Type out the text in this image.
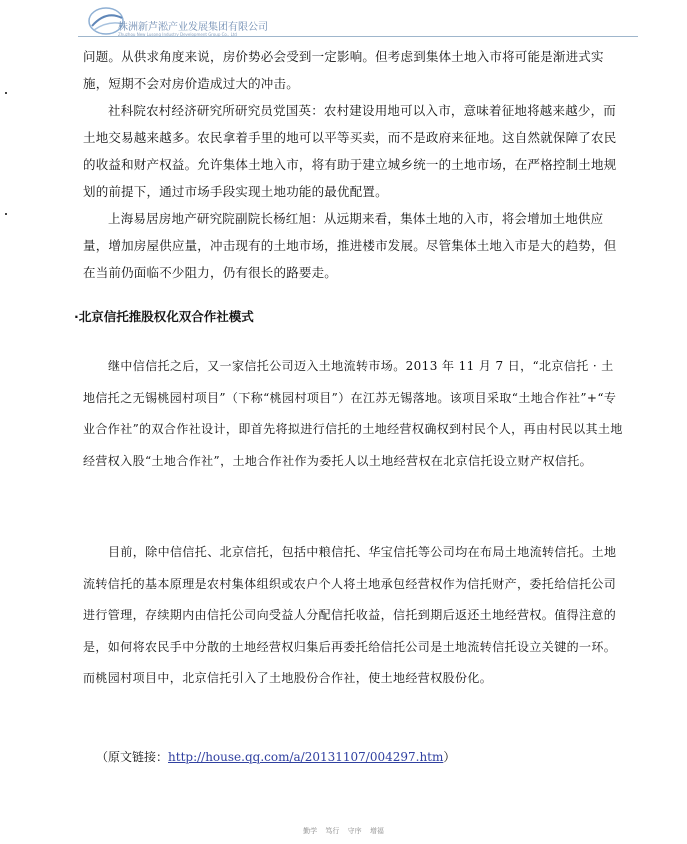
株洲新芦淞产业发展集团有限公司
Zhuzhou New Lusong Industry Development Group Co., Ltd

问题。从供求角度来说，房价势必会受到一定影响。但考虑到集体土地入市将可能是渐进式实施，短期不会对房价造成过大的冲击。

社科院农村经济研究所研究员党国英：农村建设用地可以入市，意味着征地将越来越少，而土地交易越来越多。农民拿着手里的地可以平等买卖，而不是政府来征地。这自然就保障了农民的收益和财产权益。允许集体土地入市，将有助于建立城乡统一的土地市场，在严格控制土地规划的前提下，通过市场手段实现土地功能的最优配置。

上海易居房地产研究院副院长杨红旭：从远期来看，集体土地的入市，将会增加土地供应量，增加房屋供应量，冲击现有的土地市场，推进楼市发展。尽管集体土地入市是大的趋势，但在当前仍面临不少阻力，仍有很长的路要走。

·北京信托推股权化双合作社模式

继中信信托之后，又一家信托公司迈入土地流转市场。2013 年 11 月 7 日，“北京信托 · 土地信托之无锡桃园村项目”（下称“桃园村项目”）在江苏无锡落地。该项目采取“土地合作社”+“专业合作社”的双合作社设计，即首先将拟进行信托的土地经营权确权到村民个人，再由村民以其土地经营权入股“土地合作社”，土地合作社作为委托人以土地经营权在北京信托设立财产权信托。

目前，除中信信托、北京信托，包括中粮信托、华宝信托等公司均在布局土地流转信托。土地流转信托的基本原理是农村集体组织或农户个人将土地承包经营权作为信托财产，委托给信托公司进行管理，存续期内由信托公司向受益人分配信托收益，信托到期后返还土地经营权。值得注意的是，如何将农民手中分散的土地经营权归集后再委托给信托公司是土地流转信托设立关键的一环。而桃园村项目中，北京信托引入了土地股份合作社，使土地经营权股份化。

（原文链接：http://house.qq.com/a/20131107/004297.htm）
勤学 笃行 守序 增福
